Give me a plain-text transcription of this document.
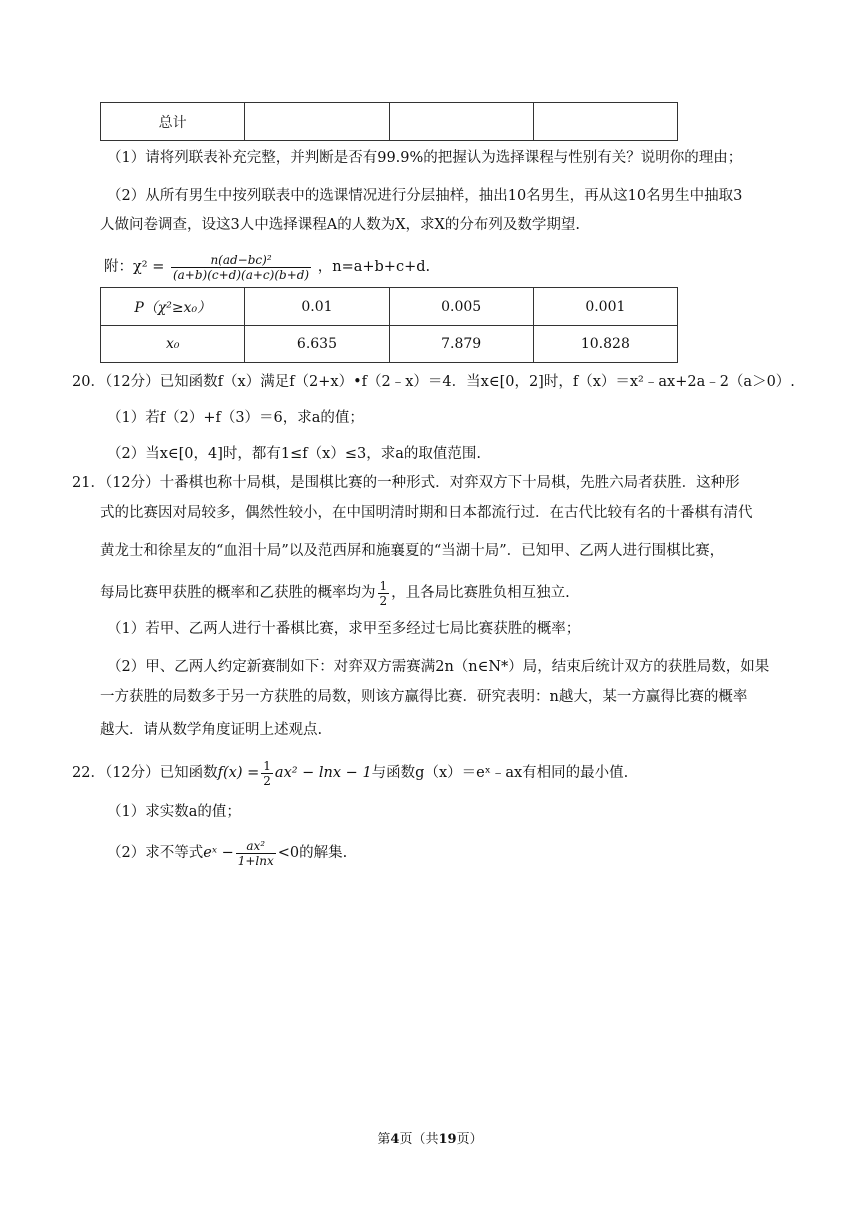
总计			
（1）请将列联表补充完整，并判断是否有99.9%的把握认为选择课程与性别有关？说明你的理由；
（2）从所有男生中按列联表中的选课情况进行分层抽样，抽出10名男生，再从这10名男生中抽取3
人做问卷调查，设这3人中选择课程A的人数为X，求X的分布列及数学期望.
附：$\chi^2 = \frac{\text{n(ad−bc)²}}{(a+b)(c+d)(a+c)(b+d)}$ ，n=a+b+c+d.
P（χ²≥x₀）	0.01	0.005	0.001
x₀	6.635	7.879	10.828
20．（12分）已知函数f（x）满足f（2+x）•f（2﹣x）＝4．当x∈[0，2]时，f（x）＝x²﹣ax+2a﹣2（a＞0）.
（1）若f（2）+f（3）＝6，求a的值；
（2）当x∈[0，4]时，都有1≤f（x）≤3，求a的取值范围.
21．（12分）十番棋也称十局棋，是围棋比赛的一种形式．对弈双方下十局棋，先胜六局者获胜．这种形
式的比赛因对局较多，偶然性较小，在中国明清时期和日本都流行过．在古代比较有名的十番棋有清代
黄龙士和徐星友的“血泪十局”以及范西屏和施襄夏的“当湖十局”．已知甲、乙两人进行围棋比赛，
每局比赛甲获胜的概率和乙获胜的概率均为 $\frac{1}{2}$ ，且各局比赛胜负相互独立.
（1）若甲、乙两人进行十番棋比赛，求甲至多经过七局比赛获胜的概率；
（2）甲、乙两人约定新赛制如下：对弈双方需赛满2n（n∈N*）局，结束后统计双方的获胜局数，如果
一方获胜的局数多于另一方获胜的局数，则该方赢得比赛．研究表明：n越大，某一方赢得比赛的概率
越大．请从数学角度证明上述观点.
22．（12分）已知函数$f(x) = \frac{1}{2} ax^2 - \ln x - 1$与函数g（x）＝eˣ﹣ax有相同的最小值.
（1）求实数a的值；
（2）求不等式eˣ − $\frac{\text{ax²}}{1+\ln x} <0$的解集.
第4页（共19页）
